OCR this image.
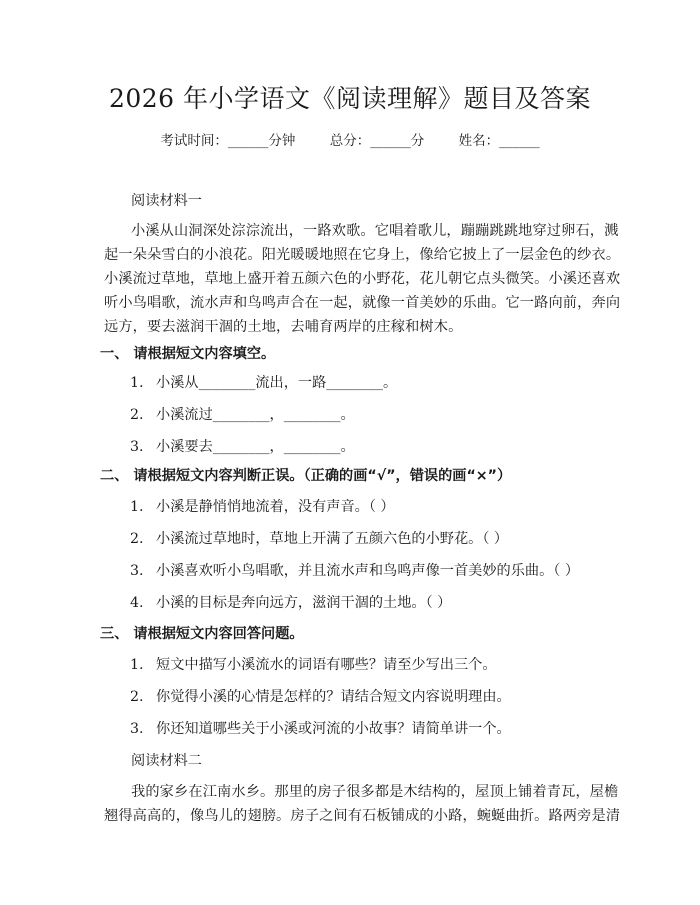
2026 年小学语文《阅读理解》题目及答案
考试时间：______分钟	总分：______分	姓名：______
阅读材料一
小溪从山洞深处淙淙流出，一路欢歌。它唱着歌儿，蹦蹦跳跳地穿过卵石，溅
起一朵朵雪白的小浪花。阳光暖暖地照在它身上，像给它披上了一层金色的纱衣。
小溪流过草地，草地上盛开着五颜六色的小野花，花儿朝它点头微笑。小溪还喜欢
听小鸟唱歌，流水声和鸟鸣声合在一起，就像一首美妙的乐曲。它一路向前，奔向
远方，要去滋润干涸的土地，去哺育两岸的庄稼和树木。
一、 请根据短文内容填空。
1. 小溪从________流出，一路________。
2. 小溪流过________，________。
3. 小溪要去________，________。
二、 请根据短文内容判断正误。（正确的画“√”，错误的画“×”）
1. 小溪是静悄悄地流着，没有声音。（ ）
2. 小溪流过草地时，草地上开满了五颜六色的小野花。（ ）
3. 小溪喜欢听小鸟唱歌，并且流水声和鸟鸣声像一首美妙的乐曲。（ ）
4. 小溪的目标是奔向远方，滋润干涸的土地。（ ）
三、 请根据短文内容回答问题。
1. 短文中描写小溪流水的词语有哪些？请至少写出三个。
2. 你觉得小溪的心情是怎样的？请结合短文内容说明理由。
3. 你还知道哪些关于小溪或河流的小故事？请简单讲一个。
阅读材料二
我的家乡在江南水乡。那里的房子很多都是木结构的，屋顶上铺着青瓦，屋檐
翘得高高的，像鸟儿的翅膀。房子之间有石板铺成的小路，蜿蜒曲折。路两旁是清
